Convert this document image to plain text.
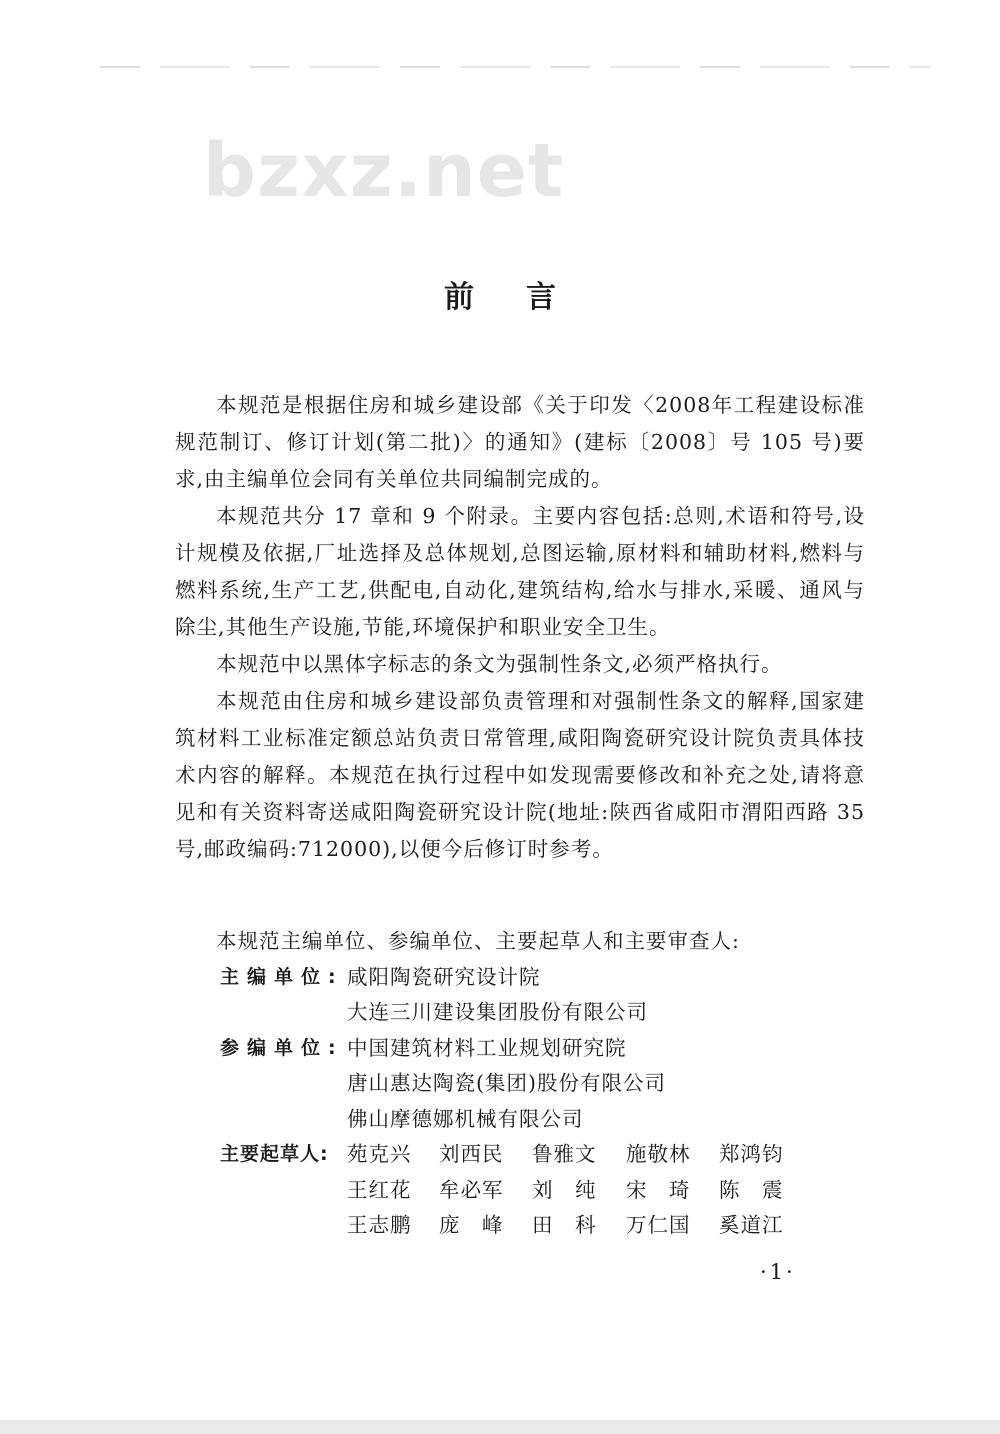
bzxz.net
前言

本规范是根据住房和城乡建设部《关于印发〈2008年工程建设标准规范制订、修订计划(第二批)〉的通知》(建标〔2008〕号 105 号)要求,由主编单位会同有关单位共同编制完成的。

本规范共分 17 章和 9 个附录。主要内容包括:总则,术语和符号,设计规模及依据,厂址选择及总体规划,总图运输,原材料和辅助材料,燃料与燃料系统,生产工艺,供配电,自动化,建筑结构,给水与排水,采暖、通风与除尘,其他生产设施,节能,环境保护和职业安全卫生。

本规范中以黑体字标志的条文为强制性条文,必须严格执行。

本规范由住房和城乡建设部负责管理和对强制性条文的解释,国家建筑材料工业标准定额总站负责日常管理,咸阳陶瓷研究设计院负责具体技术内容的解释。本规范在执行过程中如发现需要修改和补充之处,请将意见和有关资料寄送咸阳陶瓷研究设计院(地址:陕西省咸阳市渭阳西路 35 号,邮政编码:712000),以便今后修订时参考。

本规范主编单位、参编单位、主要起草人和主要审查人:
主编单位: 咸阳陶瓷研究设计院
大连三川建设集团股份有限公司
参编单位: 中国建筑材料工业规划研究院
唐山惠达陶瓷(集团)股份有限公司
佛山摩德娜机械有限公司
主要起草人: 苑克兴	刘西民	鲁雅文	施敬林	郑鸿钧
王红花	牟必军	刘　纯	宋　琦	陈　震
王志鹏	庞　峰	田　科	万仁国	奚道江
·1·
